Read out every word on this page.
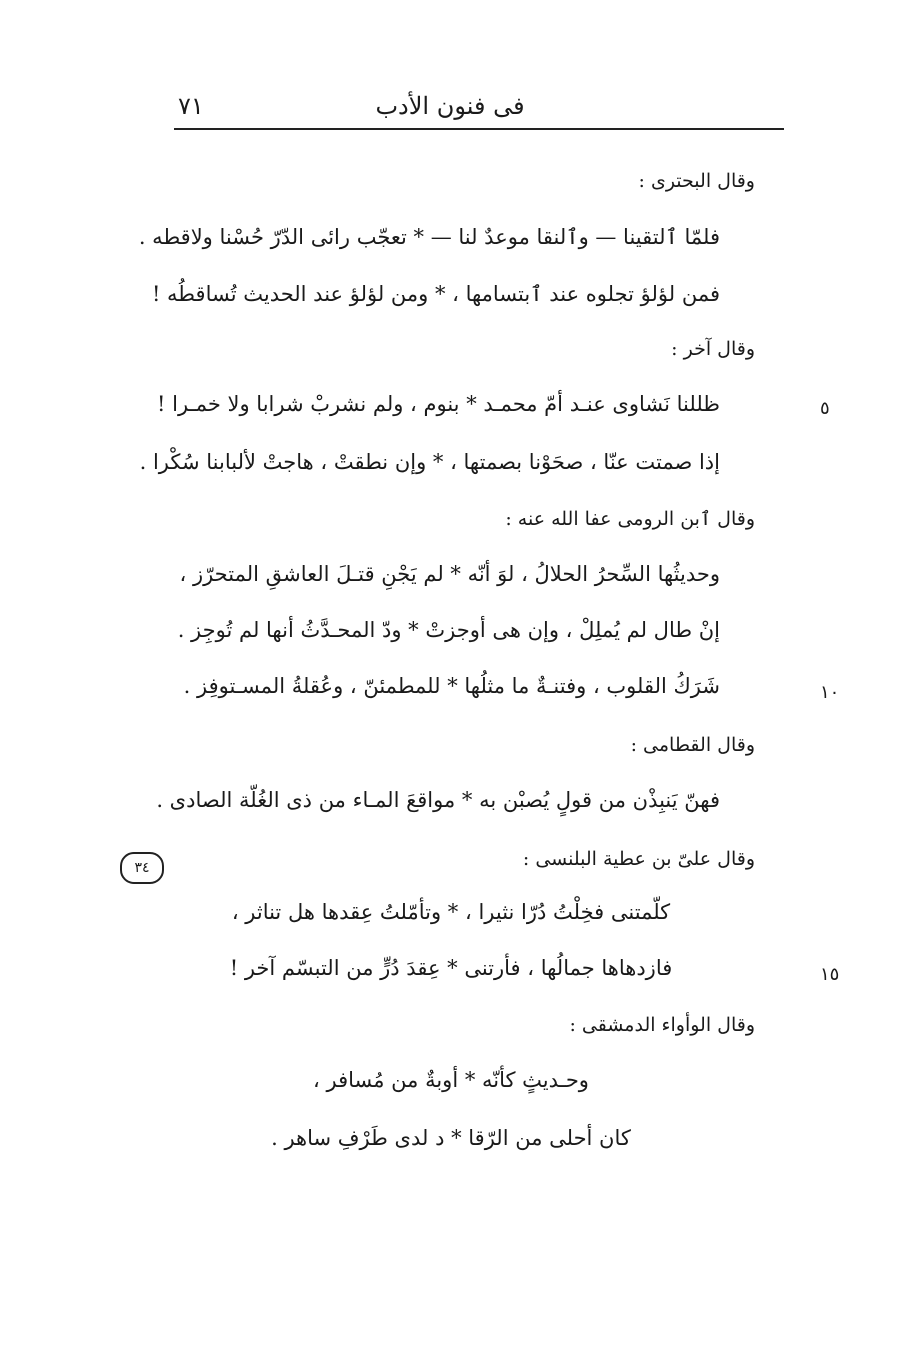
فى فنون الأدب
٧١
وقال البحترى :
فلمّا ٱلتقينا — وٱلنقا موعدٌ لنا — * تعجّب رائى الدّرّ حُسْنا ولاقطه .
فمن لؤلؤ تجلوه عند ٱبتسامها ، * ومن لؤلؤ عند الحديث تُساقطُه !
وقال آخر :
ظللنا نَشاوى عنـد أمّ محمـد * بنوم ، ولم نشربْ شرابا ولا خمـرا !	٥
إذا صمتت عنّا ، صحَوْنا بصمتها ، * وإن نطقتْ ، هاجتْ لألبابنا سُكْرا .
وقال ٱبن الرومى عفا الله عنه :
وحديثُها السِّحرُ الحلالُ ، لوَ أنّه * لم يَجْنِ قتـلَ العاشقِ المتحرّز ،
إنْ طال لم يُملِلْ ، وإن هى أوجزتْ * ودّ المحـدَّثُ أنها لم تُوجِز .
شَرَكُ القلوب ، وفتنـةٌ ما مثلُها * للمطمئنّ ، وعُقلةُ المسـتوفِز .	١٠
وقال القطامى :
فهنّ يَنبِذْن من قولٍ يُصبْن به * مواقعَ المـاء من ذى الغُلّة الصادى .
٣٤	وقال علىّ بن عطية البلنسى :
كلّمتنى فخِلْتُ دُرّا نثيرا ، * وتأمّلتُ عِقدها هل تناثر ،
فازدهاها جمالُها ، فأرتنى * عِقدَ دُرٍّ من التبسّم آخر !	١٥
وقال الوأواء الدمشقى :
وحـديثٍ كأنّه * أوبةٌ من مُسافر ،
كان أحلى من الرّقا * د لدى طَرْفِ ساهر .
